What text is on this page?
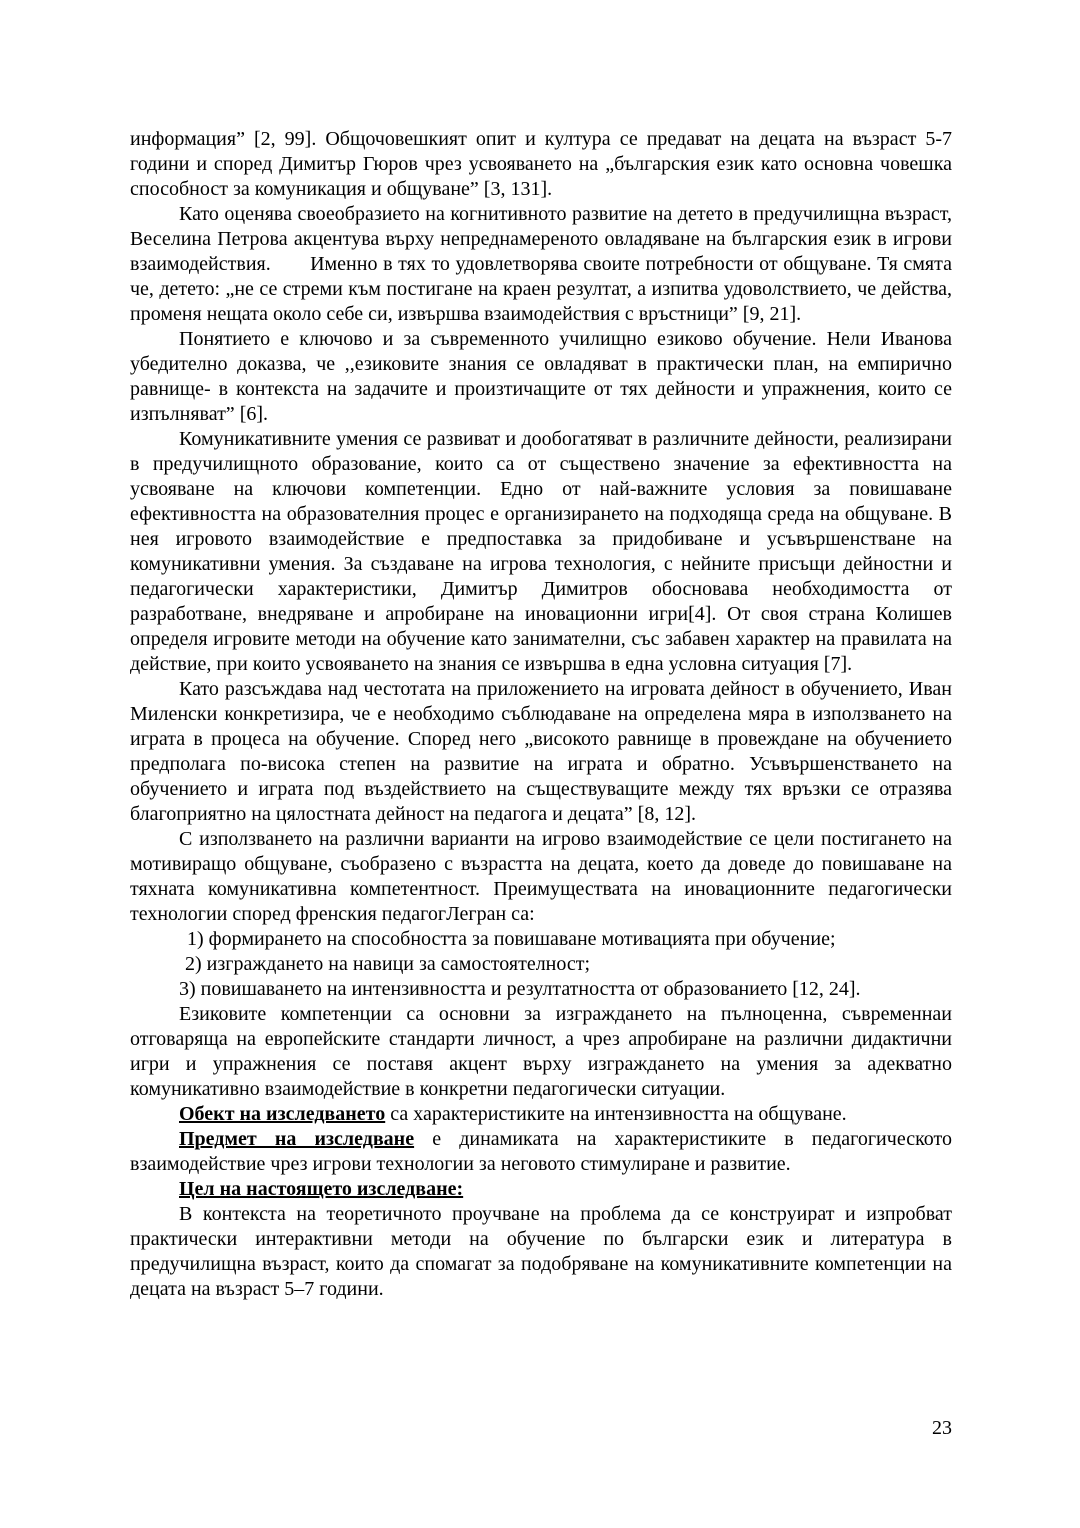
информация” [2, 99]. Общочовешкият опит и култура се предават на децата на възраст 5-7 години и според Димитър Гюров чрез усвояването на „българския език като основна човешка способност за комуникация и общуване” [3, 131].

Като оценява своеобразието на когнитивното развитие на детето в предучилищна възраст, Веселина Петрова акцентува върху непреднамереното овладяване на българския език в игрови взаимодействия.       Именно в тях то удовлетворява своите потребности от общуване. Тя смята че, детето: „не се стреми към постигане на краен резултат, а изпитва удоволствието, че действа, променя нещата около себе си, извършва взаимодействия с връстници” [9, 21].

Понятието е ключово и за съвременното училищно езиково обучение. Нели Иванова убедително доказва, че ,,езиковите знания се овладяват в практически план, на емпирично равнище- в контекста на задачите и произтичащите от тях дейности и упражнения, които се изпълняват” [6].

Комуникативните умения се развиват и дообогатяват в различните дейности, реализирани в предучилищното образование, които са от съществено значение за ефективността на усвояване на ключови компетенции. Едно от най-важните условия за повишаване ефективността на образователния процес е организирането на подходяща среда на общуване. В нея игровото взаимодействие е предпоставка за придобиване и усъвършенстване на комуникативни умения. За създаване на игрова технология, с нейните присъщи дейностни и педагогически характеристики, Димитър Димитров обосновава необходимостта от разработване, внедряване и апробиране на иновационни игри[4]. От своя страна Колишев определя игровите методи на обучение като занимателни, със забавен характер на правилата на действие, при които усвояването на знания се извършва в една условна ситуация [7].

Като разсъждава над честотата на приложението на игровата дейност в обучението, Иван Миленски конкретизира, че е необходимо съблюдаване на определена мяра в използването на играта в процеса на обучение. Според него „високото равнище в провеждане на обучението предполага по-висока степен на развитие на играта и обратно. Усъвършенстването на обучението и играта под въздействието на съществуващите между тях връзки се отразява благоприятно на цялостната дейност на педагога и децата” [8, 12].

С използването на различни варианти на игрово взаимодействие се цели постигането на мотивиращо общуване, съобразено с възрастта на децата, което да доведе до повишаване на тяхната комуникативна компетентност. Преимуществата на иновационните педагогически технологии според френския педагогЛегран са:

1) формирането на способността за повишаване мотивацията при обучение;

2) изграждането на навици за самостоятелност;

3) повишаването на интензивността и резултатността от образованието [12, 24].

Езиковите компетенции са основни за изграждането на пълноценна, съвременнаи отговаряща на европейските стандарти личност, а чрез апробиране на различни дидактични игри и упражнения се поставя акцент върху изграждането на умения за адекватно комуникативно взаимодействие в конкретни педагогически ситуации.

Обект на изследването са характеристиките на интензивността на общуване.

Предмет на изследване е динамиката на характеристиките в педагогическото взаимодействие чрез игрови технологии за неговото стимулиране и развитие.

Цел на настоящето изследване:

В контекста на теоретичното проучване на проблема да се конструират и изпробват практически интерактивни методи на обучение по български език и литература в предучилищна възраст, които да спомагат за подобряване на комуникативните компетенции на децата на възраст 5–7 години.

23
